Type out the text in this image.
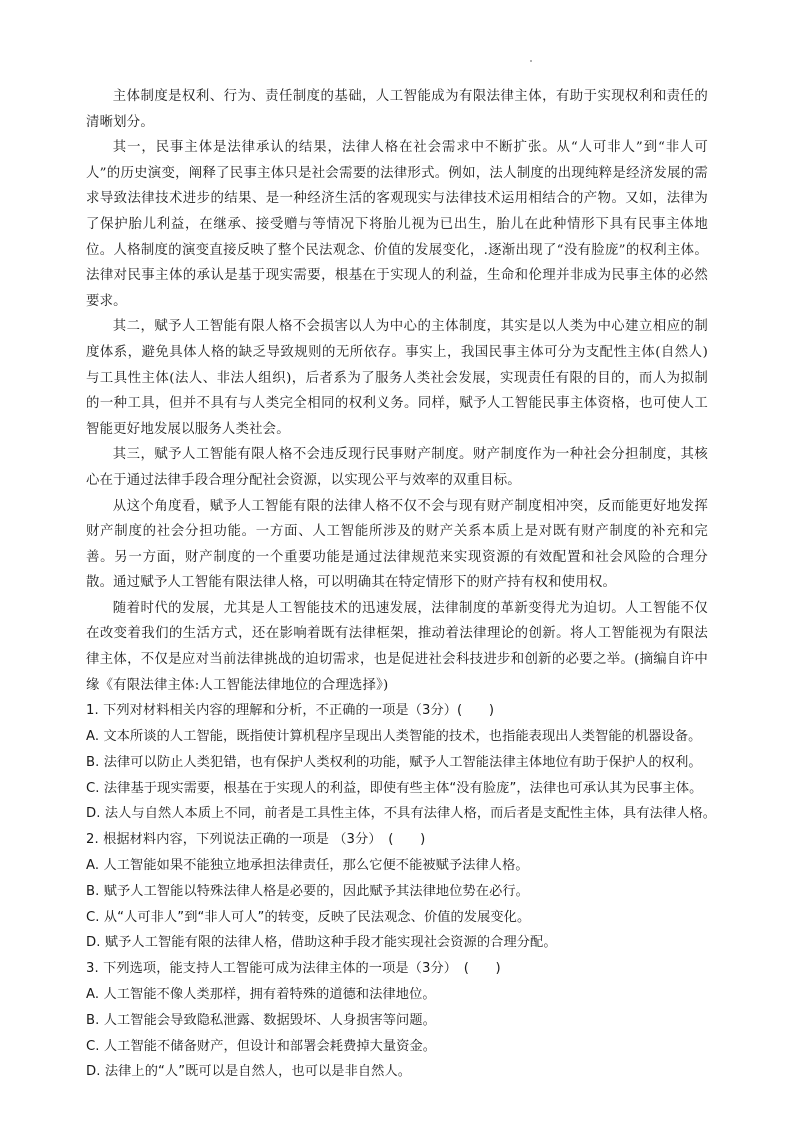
主体制度是权利、行为、责任制度的基础，人工智能成为有限法律主体，有助于实现权利和责任的清晰划分。

其一，民事主体是法律承认的结果，法律人格在社会需求中不断扩张。从“人可非人”到“非人可人”的历史演变，阐释了民事主体只是社会需要的法律形式。例如，法人制度的出现纯粹是经济发展的需求导致法律技术进步的结果、是一种经济生活的客观现实与法律技术运用相结合的产物。又如，法律为了保护胎儿利益，在继承、接受赠与等情况下将胎儿视为已出生，胎儿在此种情形下具有民事主体地位。人格制度的演变直接反映了整个民法观念、价值的发展变化，.逐渐出现了“没有脸庞”的权利主体。法律对民事主体的承认是基于现实需要，根基在于实现人的利益，生命和伦理并非成为民事主体的必然要求。

其二，赋予人工智能有限人格不会损害以人为中心的主体制度，其实是以人类为中心建立相应的制度体系，避免具体人格的缺乏导致规则的无所依存。事实上，我国民事主体可分为支配性主体(自然人)与工具性主体(法人、非法人组织)，后者系为了服务人类社会发展，实现责任有限的目的，而人为拟制的一种工具，但并不具有与人类完全相同的权利义务。同样，赋予人工智能民事主体资格，也可使人工智能更好地发展以服务人类社会。

其三，赋予人工智能有限人格不会违反现行民事财产制度。财产制度作为一种社会分担制度，其核心在于通过法律手段合理分配社会资源，以实现公平与效率的双重目标。

从这个角度看，赋予人工智能有限的法律人格不仅不会与现有财产制度相冲突，反而能更好地发挥财产制度的社会分担功能。一方面、人工智能所涉及的财产关系本质上是对既有财产制度的补充和完善。另一方面，财产制度的一个重要功能是通过法律规范来实现资源的有效配置和社会风险的合理分散。通过赋予人工智能有限法律人格，可以明确其在特定情形下的财产持有权和使用权。

随着时代的发展，尤其是人工智能技术的迅速发展，法律制度的革新变得尤为迫切。人工智能不仅在改变着我们的生活方式，还在影响着既有法律框架，推动着法律理论的创新。将人工智能视为有限法律主体，不仅是应对当前法律挑战的迫切需求，也是促进社会科技进步和创新的必要之举。(摘编自许中缘《有限法律主体:人工智能法律地位的合理选择》)

1. 下列对材料相关内容的理解和分析，不正确的一项是（3分）(　　)

A. 文本所谈的人工智能，既指使计算机程序呈现出人类智能的技术，也指能表现出人类智能的机器设备。

B. 法律可以防止人类犯错，也有保护人类权利的功能，赋予人工智能法律主体地位有助于保护人的权利。

C. 法律基于现实需要，根基在于实现人的利益，即使有些主体“没有脸庞”，法律也可承认其为民事主体。

D. 法人与自然人本质上不同，前者是工具性主体，不具有法律人格，而后者是支配性主体，具有法律人格。

2. 根据材料内容，下列说法正确的一项是 （3分）　(　　)

A. 人工智能如果不能独立地承担法律责任，那么它便不能被赋予法律人格。

B. 赋予人工智能以特殊法律人格是必要的，因此赋予其法律地位势在必行。

C. 从“人可非人”到“非人可人”的转变，反映了民法观念、价值的发展变化。

D. 赋予人工智能有限的法律人格，借助这种手段才能实现社会资源的合理分配。

3. 下列选项，能支持人工智能可成为法律主体的一项是（3分）　(　　)

A. 人工智能不像人类那样，拥有着特殊的道德和法律地位。

B. 人工智能会导致隐私泄露、数据毁坏、人身损害等问题。

C. 人工智能不储备财产，但设计和部署会耗费掉大量资金。

D. 法律上的“人”既可以是自然人，也可以是非自然人。
